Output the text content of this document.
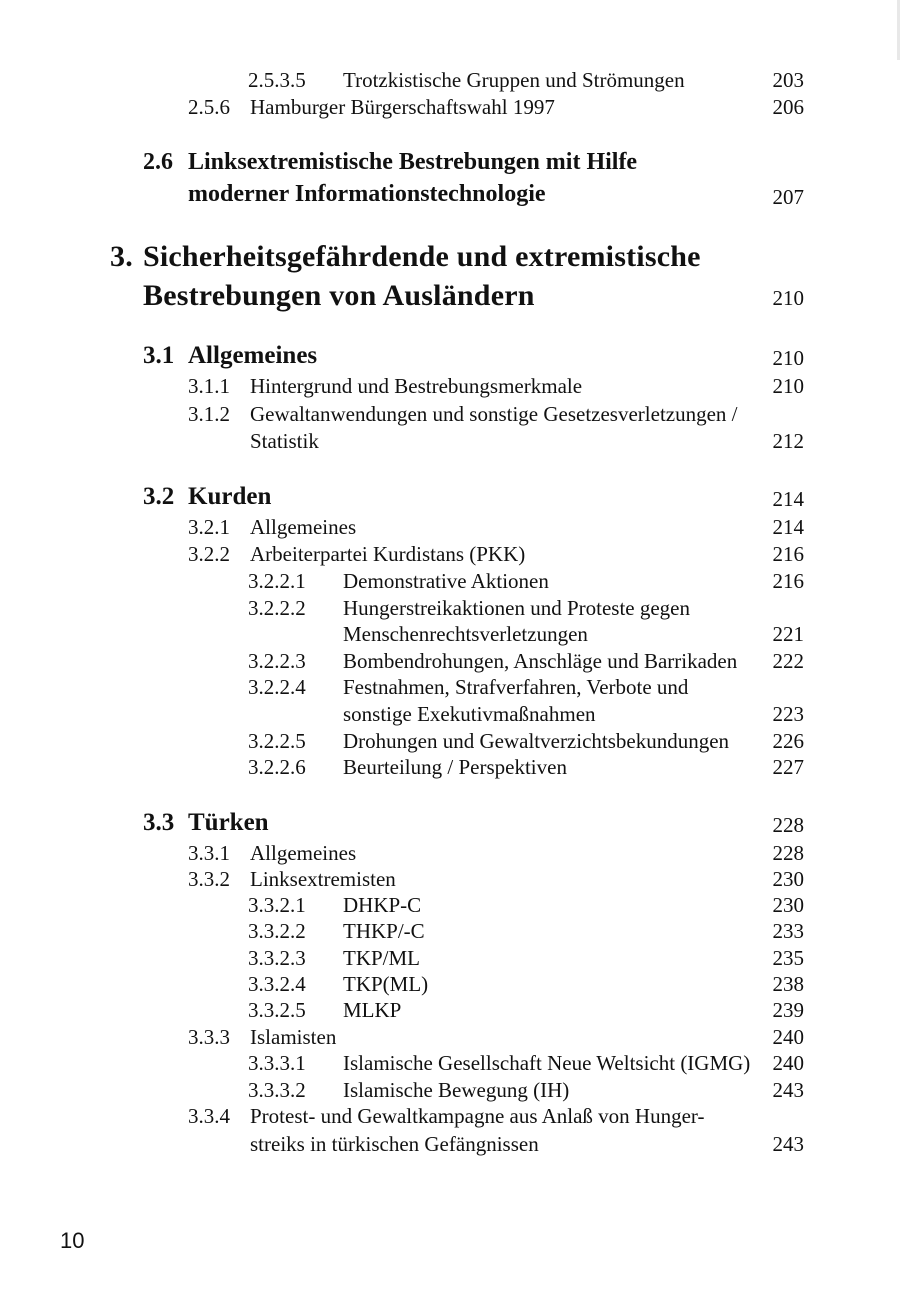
2.5.3.5 Trotzkistische Gruppen und Strömungen	203
2.5.6 Hamburger Bürgerschaftswahl 1997	206
2.6 Linksextremistische Bestrebungen mit Hilfe
moderner Informationstechnologie	207
3. Sicherheitsgefährdende und extremistische
Bestrebungen von Ausländern	210
3.1 Allgemeines	210
3.1.1 Hintergrund und Bestrebungsmerkmale	210
3.1.2 Gewaltanwendungen und sonstige Gesetzesverletzungen /
Statistik	212
3.2 Kurden	214
3.2.1 Allgemeines	214
3.2.2 Arbeiterpartei Kurdistans (PKK)	216
3.2.2.1 Demonstrative Aktionen	216
3.2.2.2 Hungerstreikaktionen und Proteste gegen
Menschenrechtsverletzungen	221
3.2.2.3 Bombendrohungen, Anschläge und Barrikaden 222
3.2.2.4 Festnahmen, Strafverfahren, Verbote und
sonstige Exekutivmaßnahmen	223
3.2.2.5 Drohungen und Gewaltverzichtsbekundungen 226
3.2.2.6 Beurteilung / Perspektiven	227
3.3 Türken	228
3.3.1 Allgemeines	228
3.3.2 Linksextremisten	230
3.3.2.1 DHKP-C	230
3.3.2.2 THKP/-C	233
3.3.2.3 TKP/ML	235
3.3.2.4 TKP(ML)	238
3.3.2.5 MLKP	239
3.3.3 Islamisten	240
3.3.3.1 Islamische Gesellschaft Neue Weltsicht (IGMG) 240
3.3.3.2 Islamische Bewegung (IH)	243
3.3.4 Protest- und Gewaltkampagne aus Anlaß von Hunger-
streiks in türkischen Gefängnissen	243
10
